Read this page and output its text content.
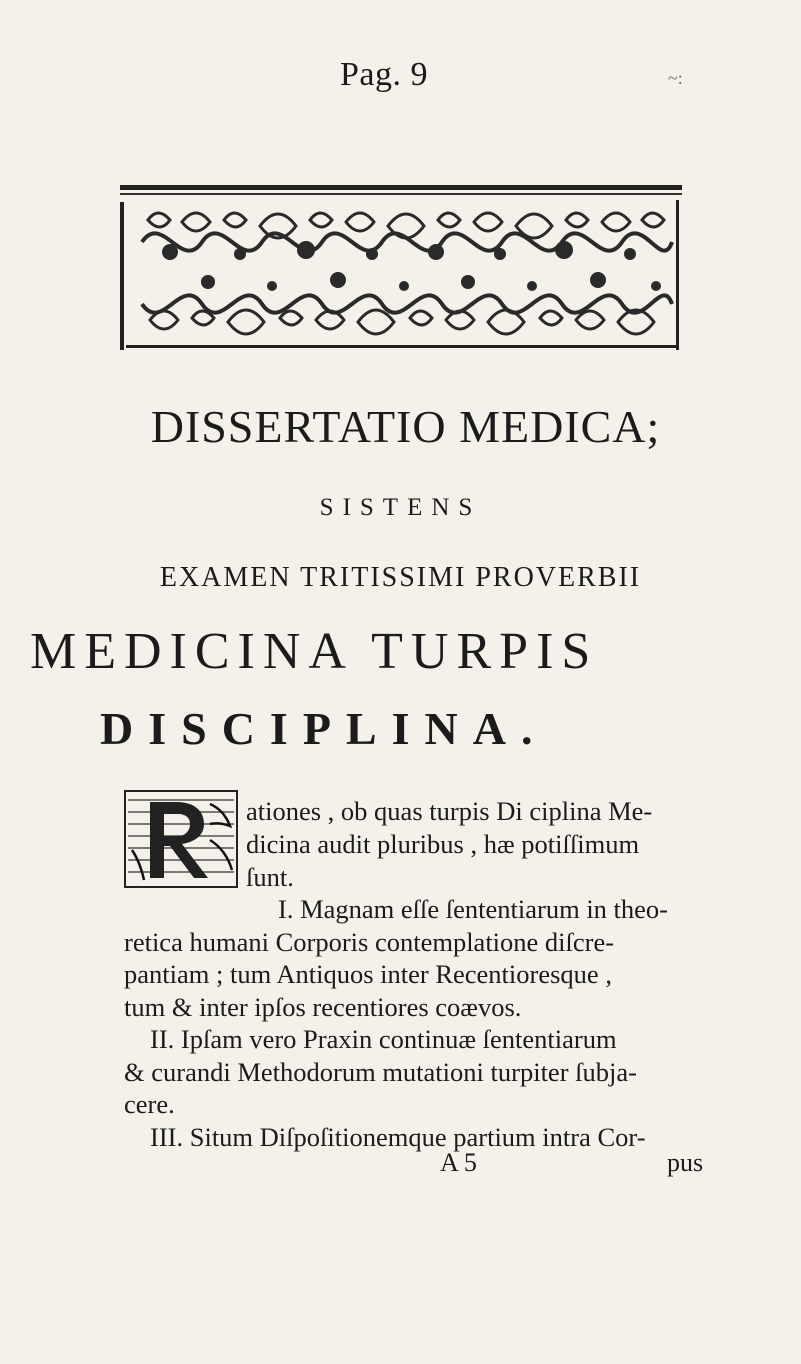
Pag. 9	~:
DISSERTATIO MEDICA;
SISTENS
EXAMEN TRITISSIMI PROVERBII
MEDICINA TURPIS
DISCIPLINA.
ationes , ob quas turpis Di ciplina Me-
dicina audit pluribus , hæ potiſſimum
ſunt.
I. Magnam eſſe ſententiarum in theo-
retica humani Corporis contemplatione diſcre-
pantiam ; tum Antiquos inter Recentioresque ,
tum & inter ipſos recentiores coævos.
II. Ipſam vero Praxin continuæ ſententiarum
& curandi Methodorum mutationi turpiter ſubja-
cere.
III. Situm Diſpoſitionemque partium intra Cor-
A 5	pus
